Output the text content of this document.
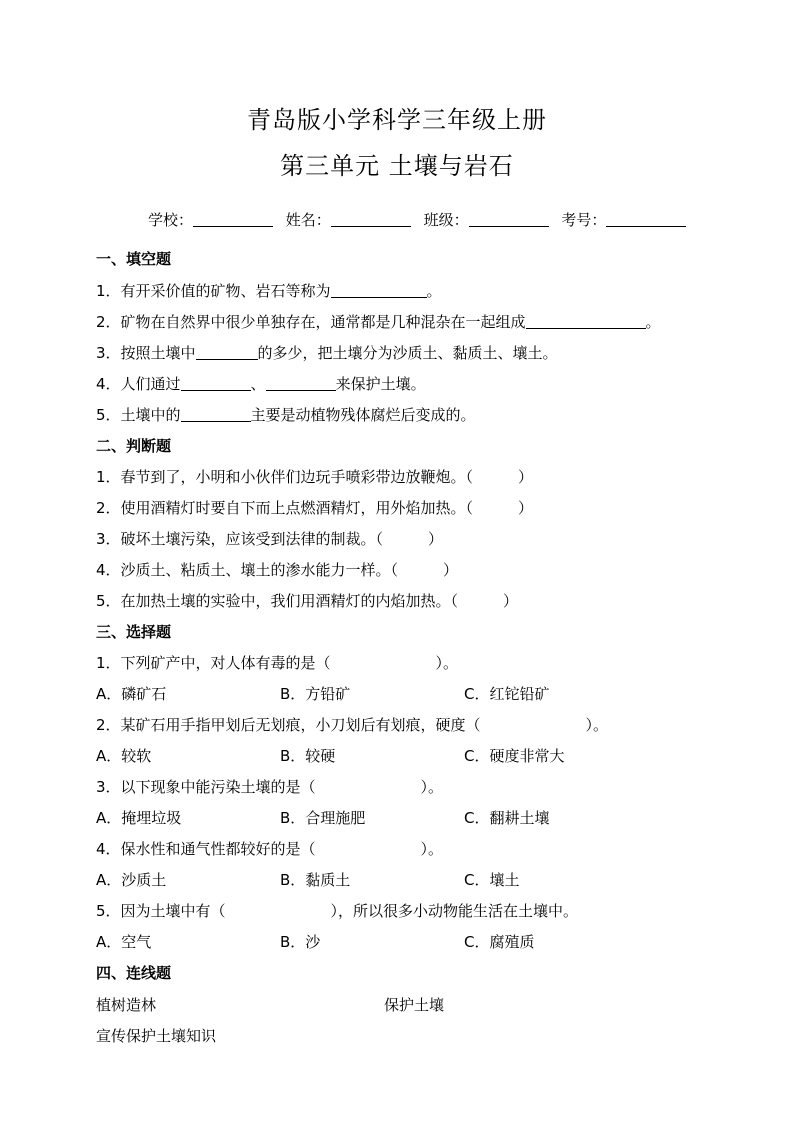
青岛版小学科学三年级上册
第三单元 土壤与岩石
学校：	姓名：	班级：	考号：
一、填空题
1．有开采价值的矿物、岩石等称为	。
2．矿物在自然界中很少单独存在，通常都是几种混杂在一起组成	。
3．按照土壤中	的多少，把土壤分为沙质土、黏质土、壤土。
4．人们通过	、	来保护土壤。
5．土壤中的	主要是动植物残体腐烂后变成的。
二、判断题
1．春节到了，小明和小伙伴们边玩手喷彩带边放鞭炮。（　　　）
2．使用酒精灯时要自下而上点燃酒精灯，用外焰加热。（　　　）
3．破坏土壤污染，应该受到法律的制裁。（　　　）
4．沙质土、粘质土、壤土的渗水能力一样。（　　　）
5．在加热土壤的实验中，我们用酒精灯的内焰加热。（　　　）
三、选择题
1．下列矿产中，对人体有毒的是（　　　　　　　）。
A．磷矿石	B．方铅矿	C．红铊铅矿
2．某矿石用手指甲划后无划痕，小刀划后有划痕，硬度（　　　　　　　）。
A．较软	B．较硬	C．硬度非常大
3．以下现象中能污染土壤的是（　　　　　　　）。
A．掩埋垃圾	B．合理施肥	C．翻耕土壤
4．保水性和通气性都较好的是（　　　　　　　）。
A．沙质土	B．黏质土	C．壤土
5．因为土壤中有（　　　　　　　），所以很多小动物能生活在土壤中。
A．空气	B．沙	C．腐殖质
四、连线题
植树造林	保护土壤
宣传保护土壤知识
